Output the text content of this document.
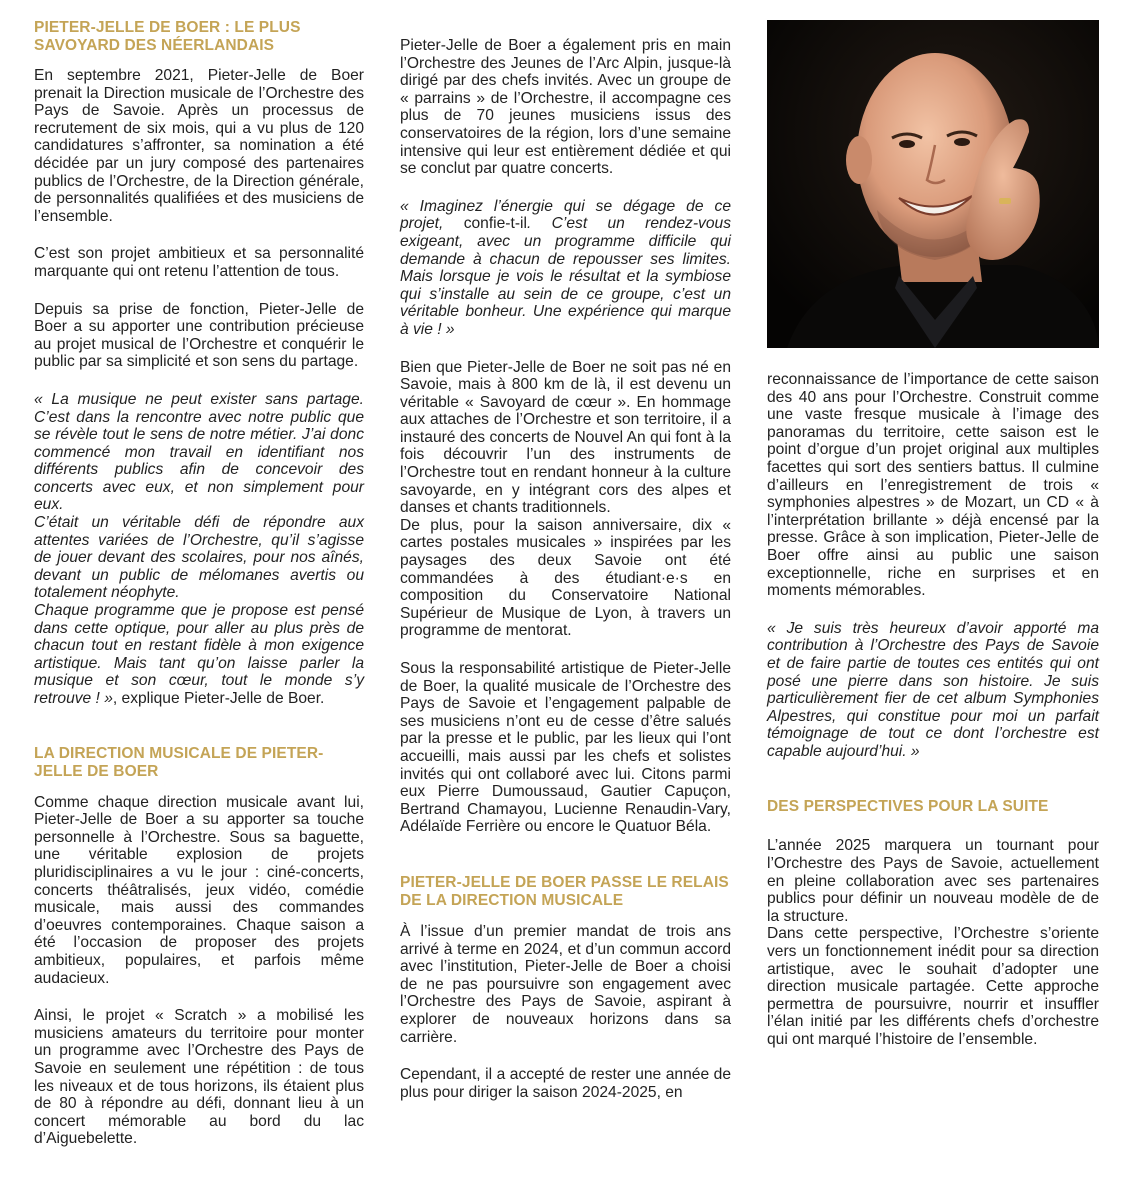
PIETER-JELLE DE BOER : LE PLUS SAVOYARD DES NÉERLANDAIS

En septembre 2021, Pieter-Jelle de Boer prenait la Direction musicale de l’Orchestre des Pays de Savoie. Après un processus de recrutement de six mois, qui a vu plus de 120 candidatures s’affronter, sa nomination a été décidée par un jury composé des partenaires publics de l’Orchestre, de la Direction générale, de personnalités qualifiées et des musiciens de l’ensemble.

C’est son projet ambitieux et sa personnalité marquante qui ont retenu l’attention de tous.

Depuis sa prise de fonction, Pieter-Jelle de Boer a su apporter une contribution précieuse au projet musical de l’Orchestre et conquérir le public par sa simplicité et son sens du partage.

« La musique ne peut exister sans partage. C’est dans la rencontre avec notre public que se révèle tout le sens de notre métier. J’ai donc commencé mon travail en identifiant nos différents publics afin de concevoir des concerts avec eux, et non simplement pour eux.

C’était un véritable défi de répondre aux attentes variées de l’Orchestre, qu’il s’agisse de jouer devant des scolaires, pour nos aînés, devant un public de mélomanes avertis ou totalement néophyte.

Chaque programme que je propose est pensé dans cette optique, pour aller au plus près de chacun tout en restant fidèle à mon exigence artistique. Mais tant qu’on laisse parler la musique et son cœur, tout le monde s’y retrouve ! », explique Pieter-Jelle de Boer.

LA DIRECTION MUSICALE DE PIETER-JELLE DE BOER

Comme chaque direction musicale avant lui, Pieter-Jelle de Boer a su apporter sa touche personnelle à l’Orchestre. Sous sa baguette, une véritable explosion de projets pluridisciplinaires a vu le jour : ciné-concerts, concerts théâtralisés, jeux vidéo, comédie musicale, mais aussi des commandes d’oeuvres contemporaines. Chaque saison a été l’occasion de proposer des projets ambitieux, populaires, et parfois même audacieux.

Ainsi, le projet « Scratch » a mobilisé les musiciens amateurs du territoire pour monter un programme avec l’Orchestre des Pays de Savoie en seulement une répétition : de tous les niveaux et de tous horizons, ils étaient plus de 80 à répondre au défi, donnant lieu à un concert mémorable au bord du lac d’Aiguebelette.

Pieter-Jelle de Boer a également pris en main l’Orchestre des Jeunes de l’Arc Alpin, jusque-là dirigé par des chefs invités. Avec un groupe de « parrains » de l’Orchestre, il accompagne ces plus de 70 jeunes musiciens issus des conservatoires de la région, lors d’une semaine intensive qui leur est entièrement dédiée et qui se conclut par quatre concerts.

« Imaginez l’énergie qui se dégage de ce projet, confie-t-il. C’est un rendez-vous exigeant, avec un programme difficile qui demande à chacun de repousser ses limites. Mais lorsque je vois le résultat et la symbiose qui s’installe au sein de ce groupe, c’est un véritable bonheur. Une expérience qui marque à vie ! »

Bien que Pieter-Jelle de Boer ne soit pas né en Savoie, mais à 800 km de là, il est devenu un véritable « Savoyard de cœur ». En hommage aux attaches de l’Orchestre et son territoire, il a instauré des concerts de Nouvel An qui font à la fois découvrir l’un des instruments de l’Orchestre tout en rendant honneur à la culture savoyarde, en y intégrant cors des alpes et danses et chants traditionnels.

De plus, pour la saison anniversaire, dix « cartes postales musicales » inspirées par les paysages des deux Savoie ont été commandées à des étudiant·e·s en composition du Conservatoire National Supérieur de Musique de Lyon, à travers un programme de mentorat.

Sous la responsabilité artistique de Pieter-Jelle de Boer, la qualité musicale de l’Orchestre des Pays de Savoie et l’engagement palpable de ses musiciens n’ont eu de cesse d’être salués par la presse et le public, par les lieux qui l’ont accueilli, mais aussi par les chefs et solistes invités qui ont collaboré avec lui. Citons parmi eux Pierre Dumoussaud, Gautier Capuçon, Bertrand Chamayou, Lucienne Renaudin-Vary, Adélaïde Ferrière ou encore le Quatuor Béla.

PIETER-JELLE DE BOER PASSE LE RELAIS DE LA DIRECTION MUSICALE

À l’issue d’un premier mandat de trois ans arrivé à terme en 2024, et d’un commun accord avec l’institution, Pieter-Jelle de Boer a choisi de ne pas poursuivre son engagement avec l’Orchestre des Pays de Savoie, aspirant à explorer de nouveaux horizons dans sa carrière.

Cependant, il a accepté de rester une année de plus pour diriger la saison 2024-2025, en

reconnaissance de l’importance de cette saison des 40 ans pour l’Orchestre. Construit comme une vaste fresque musicale à l’image des panoramas du territoire, cette saison est le point d’orgue d’un projet original aux multiples facettes qui sort des sentiers battus. Il culmine d’ailleurs en l’enregistrement de trois « symphonies alpestres » de Mozart, un CD « à l’interprétation brillante » déjà encensé par la presse. Grâce à son implication, Pieter-Jelle de Boer offre ainsi au public une saison exceptionnelle, riche en surprises et en moments mémorables.

« Je suis très heureux d’avoir apporté ma contribution à l’Orchestre des Pays de Savoie et de faire partie de toutes ces entités qui ont posé une pierre dans son histoire. Je suis particulièrement fier de cet album Symphonies Alpestres, qui constitue pour moi un parfait témoignage de tout ce dont l’orchestre est capable aujourd’hui. »

DES PERSPECTIVES POUR LA SUITE

L’année 2025 marquera un tournant pour l’Orchestre des Pays de Savoie, actuellement en pleine collaboration avec ses partenaires publics pour définir un nouveau modèle de de la structure.

Dans cette perspective, l’Orchestre s’oriente vers un fonctionnement inédit pour sa direction artistique, avec le souhait d’adopter une direction musicale partagée. Cette approche permettra de poursuivre, nourrir et insuffler l’élan initié par les différents chefs d’orchestre qui ont marqué l’histoire de l’ensemble.
